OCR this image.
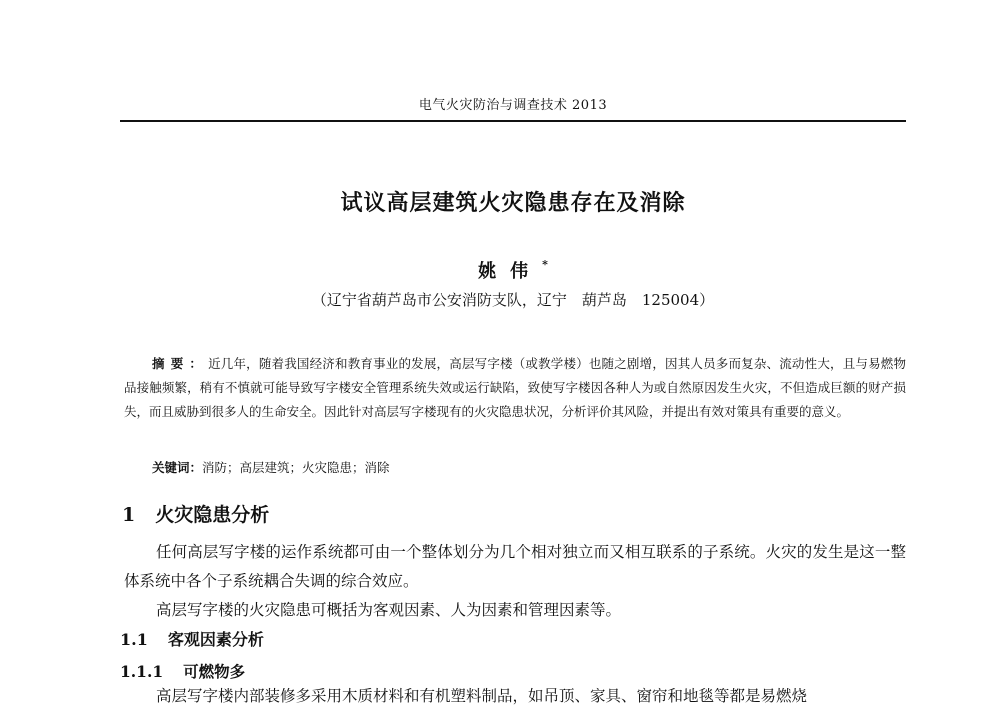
电气火灾防治与调查技术 2013
试议高层建筑火灾隐患存在及消除
姚伟*
（辽宁省葫芦岛市公安消防支队，辽宁　葫芦岛　125004）
摘要：近几年，随着我国经济和教育事业的发展，高层写字楼（或教学楼）也随之剧增，因其人员多而复杂、流动性大，且与易燃物品接触频繁，稍有不慎就可能导致写字楼安全管理系统失效或运行缺陷，致使写字楼因各种人为或自然原因发生火灾，不但造成巨额的财产损失，而且威胁到很多人的生命安全。因此针对高层写字楼现有的火灾隐患状况，分析评价其风险，并提出有效对策具有重要的意义。
关键词：消防；高层建筑；火灾隐患；消除
1 火灾隐患分析
任何高层写字楼的运作系统都可由一个整体划分为几个相对独立而又相互联系的子系统。火灾的发生是这一整体系统中各个子系统耦合失调的综合效应。
高层写字楼的火灾隐患可概括为客观因素、人为因素和管理因素等。
1.1 客观因素分析
1.1.1 可燃物多
高层写字楼内部装修多采用木质材料和有机塑料制品，如吊顶、家具、窗帘和地毯等都是易燃烧
